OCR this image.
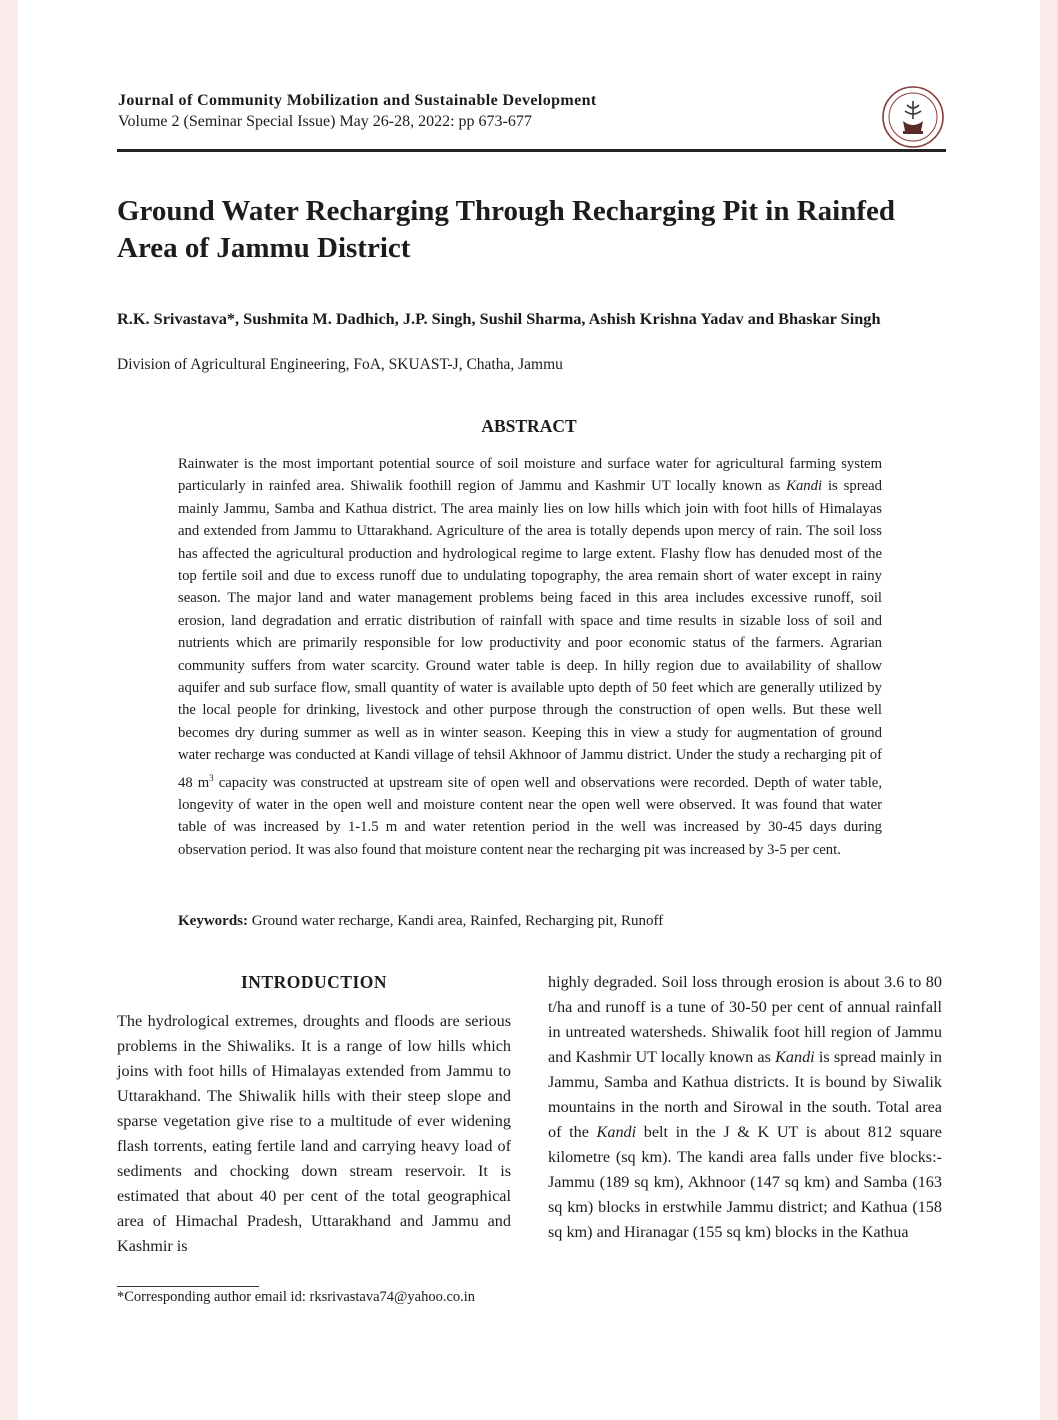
Journal of Community Mobilization and Sustainable Development
Volume 2 (Seminar Special Issue) May 26-28, 2022: pp 673-677
Ground Water Recharging Through Recharging Pit in Rainfed Area of Jammu District
R.K. Srivastava*, Sushmita M. Dadhich, J.P. Singh, Sushil Sharma, Ashish Krishna Yadav and Bhaskar Singh
Division of Agricultural Engineering, FoA, SKUAST-J, Chatha, Jammu
ABSTRACT
Rainwater is the most important potential source of soil moisture and surface water for agricultural farming system particularly in rainfed area. Shiwalik foothill region of Jammu and Kashmir UT locally known as Kandi is spread mainly Jammu, Samba and Kathua district. The area mainly lies on low hills which join with foot hills of Himalayas and extended from Jammu to Uttarakhand. Agriculture of the area is totally depends upon mercy of rain. The soil loss has affected the agricultural production and hydrological regime to large extent. Flashy flow has denuded most of the top fertile soil and due to excess runoff due to undulating topography, the area remain short of water except in rainy season. The major land and water management problems being faced in this area includes excessive runoff, soil erosion, land degradation and erratic distribution of rainfall with space and time results in sizable loss of soil and nutrients which are primarily responsible for low productivity and poor economic status of the farmers. Agrarian community suffers from water scarcity. Ground water table is deep. In hilly region due to availability of shallow aquifer and sub surface flow, small quantity of water is available upto depth of 50 feet which are generally utilized by the local people for drinking, livestock and other purpose through the construction of open wells. But these well becomes dry during summer as well as in winter season. Keeping this in view a study for augmentation of ground water recharge was conducted at Kandi village of tehsil Akhnoor of Jammu district. Under the study a recharging pit of 48 $m^3$ capacity was constructed at upstream site of open well and observations were recorded. Depth of water table, longevity of water in the open well and moisture content near the open well were observed. It was found that water table of was increased by 1-1.5 m and water retention period in the well was increased by 30-45 days during observation period. It was also found that moisture content near the recharging pit was increased by 3-5 per cent.
Keywords: Ground water recharge, Kandi area, Rainfed, Recharging pit, Runoff
INTRODUCTION
The hydrological extremes, droughts and floods are serious problems in the Shiwaliks. It is a range of low hills which joins with foot hills of Himalayas extended from Jammu to Uttarakhand. The Shiwalik hills with their steep slope and sparse vegetation give rise to a multitude of ever widening flash torrents, eating fertile land and carrying heavy load of sediments and chocking down stream reservoir. It is estimated that about 40 per cent of the total geographical area of Himachal Pradesh, Uttarakhand and Jammu and Kashmir is
highly degraded. Soil loss through erosion is about 3.6 to 80 t/ha and runoff is a tune of 30-50 per cent of annual rainfall in untreated watersheds. Shiwalik foot hill region of Jammu and Kashmir UT locally known as Kandi is spread mainly in Jammu, Samba and Kathua districts. It is bound by Siwalik mountains in the north and Sirowal in the south. Total area of the Kandi belt in the J & K UT is about 812 square kilometre (sq km). The kandi area falls under five blocks:- Jammu (189 sq km), Akhnoor (147 sq km) and Samba (163 sq km) blocks in erstwhile Jammu district; and Kathua (158 sq km) and Hiranagar (155 sq km) blocks in the Kathua
*Corresponding author email id: rksrivastava74@yahoo.co.in
